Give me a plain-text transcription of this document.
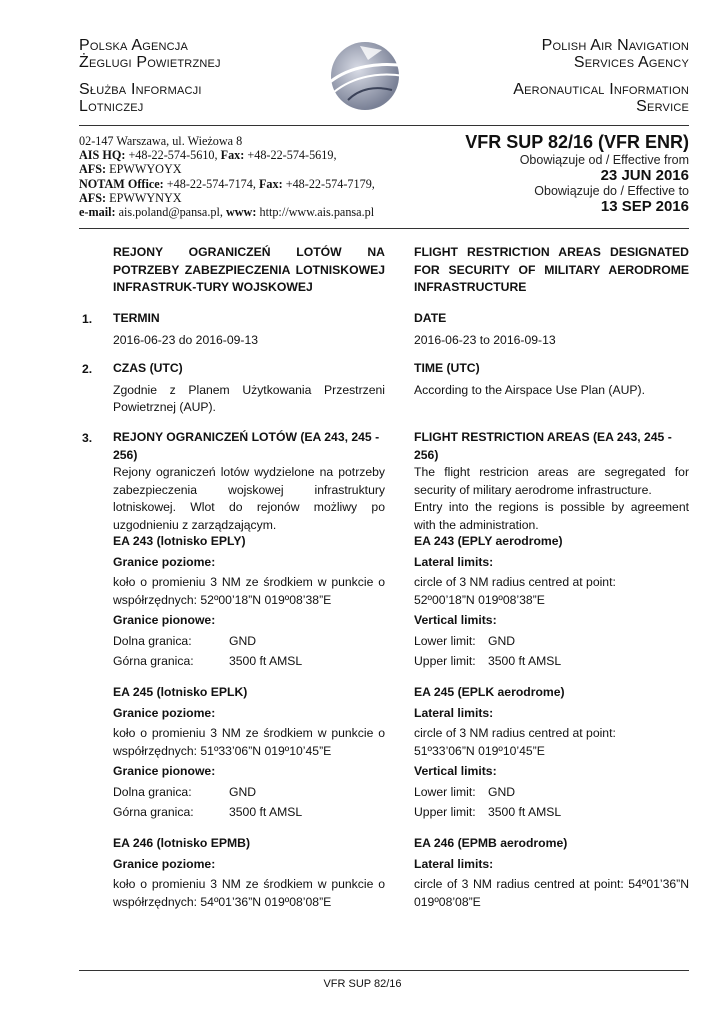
Polska Agencja
Żeglugi Powietrznej
Służba Informacji
Lotniczej
Polish Air Navigation
Services Agency
Aeronautical Information
Service
02-147 Warszawa, ul. Wieżowa 8
AIS HQ: +48-22-574-5610, Fax: +48-22-574-5619,
AFS: EPWWYOYX
NOTAM Office: +48-22-574-7174, Fax: +48-22-574-7179,
AFS: EPWWYNYX
e-mail: ais.poland@pansa.pl, www: http://www.ais.pansa.pl
VFR SUP 82/16 (VFR ENR)
Obowiązuje od / Effective from
23 JUN 2016
Obowiązuje do / Effective to
13 SEP 2016
REJONY OGRANICZEŃ LOTÓW NA POTRZEBY ZABEZPIECZENIA LOTNISKOWEJ INFRASTRUK-TURY WOJSKOWEJ
FLIGHT RESTRICTION AREAS DESIGNATED FOR SECURITY OF MILITARY AERODROME INFRASTRUCTURE
1. TERMIN
2016-06-23 do 2016-09-13
DATE
2016-06-23 to 2016-09-13
2. CZAS (UTC)
Zgodnie z Planem Użytkowania Przestrzeni Powietrznej (AUP).
TIME (UTC)
According to the Airspace Use Plan (AUP).
3. REJONY OGRANICZEŃ LOTÓW (EA 243, 245 - 256)
Rejony ograniczeń lotów wydzielone na potrzeby zabezpieczenia wojskowej infrastruktury lotniskowej. Wlot do rejonów możliwy po uzgodnieniu z zarządzającym.
FLIGHT RESTRICTION AREAS (EA 243, 245 - 256)
The flight restricion areas are segregated for security of military aerodrome infrastructure.
Entry into the regions is possible by agreement with the administration.
EA 243 (lotnisko EPLY)
Granice poziome:
koło o promieniu 3 NM ze środkiem w punkcie o współrzędnych: 52º00’18”N 019º08’38”E
Granice pionowe:
Dolna granica:	GND
Górna granica:	3500 ft AMSL
EA 243 (EPLY aerodrome)
Lateral limits:
circle of 3 NM radius centred at point: 52º00’18”N 019º08’38”E
Vertical limits:
Lower limit:	GND
Upper limit:	3500 ft AMSL
EA 245 (lotnisko EPLK)
Granice poziome:
koło o promieniu 3 NM ze środkiem w punkcie o współrzędnych: 51º33’06”N 019º10’45”E
Granice pionowe:
Dolna granica:	GND
Górna granica:	3500 ft AMSL
EA 245 (EPLK aerodrome)
Lateral limits:
circle of 3 NM radius centred at point: 51º33’06”N 019º10’45”E
Vertical limits:
Lower limit:	GND
Upper limit:	3500 ft AMSL
EA 246 (lotnisko EPMB)
Granice poziome:
koło o promieniu 3 NM ze środkiem w punkcie o współrzędnych: 54º01’36”N 019º08’08”E
EA 246 (EPMB aerodrome)
Lateral limits:
circle of 3 NM radius centred at point: 54º01’36”N 019º08’08”E
VFR SUP 82/16
